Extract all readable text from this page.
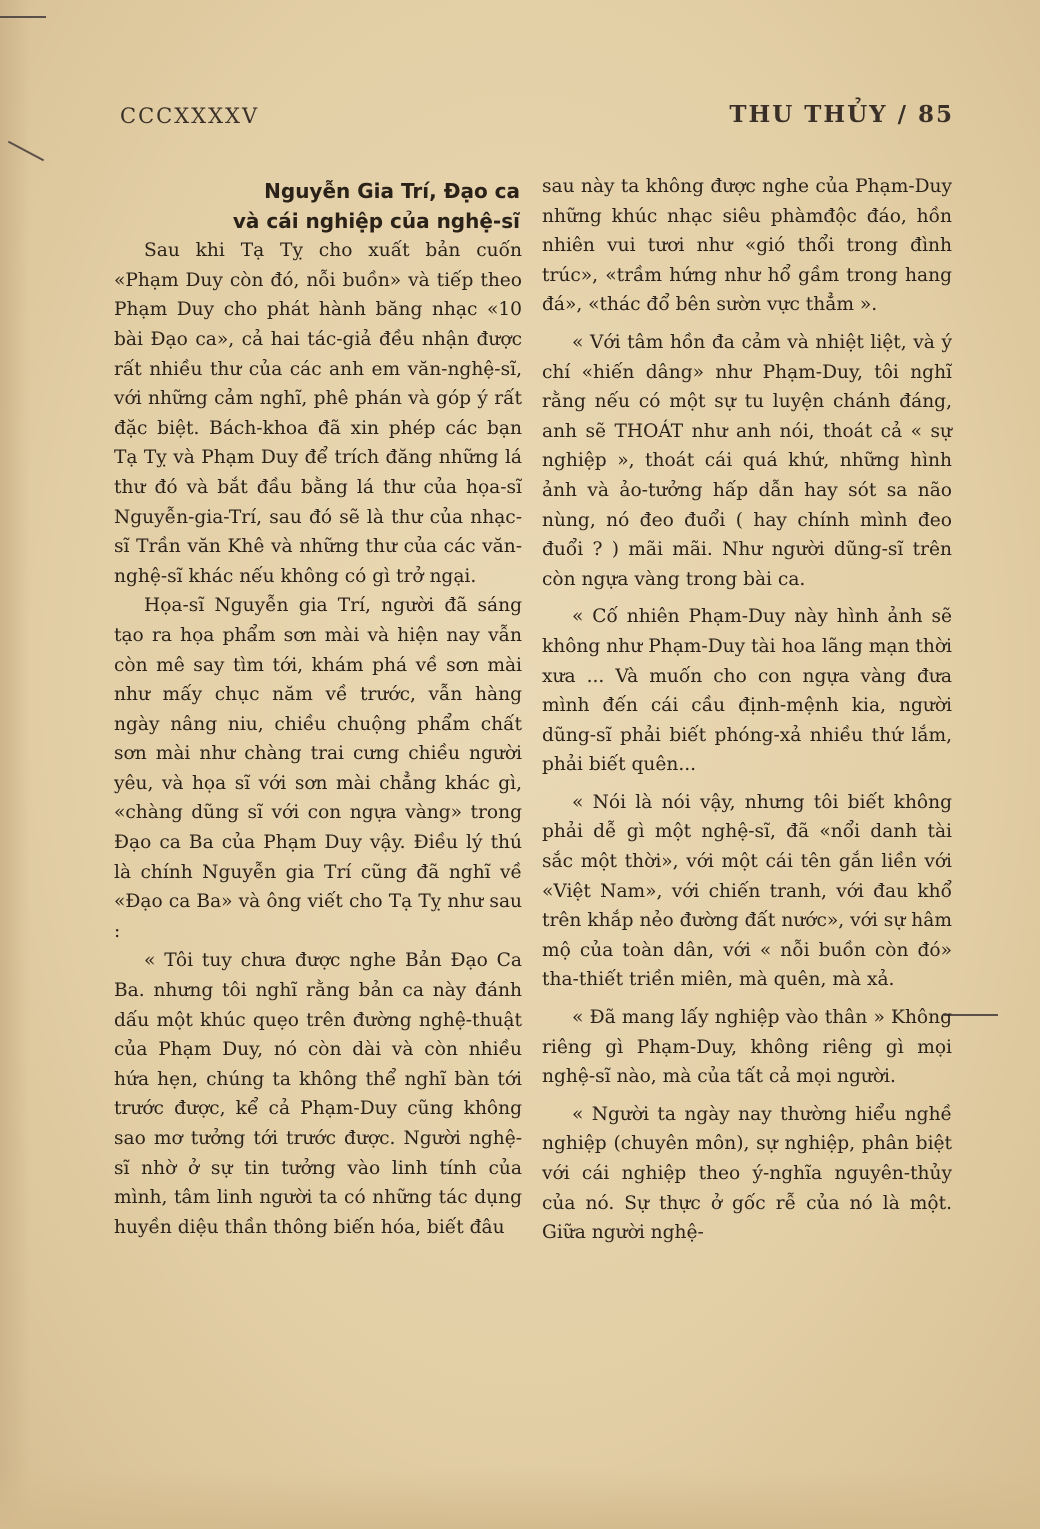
CCCXXXXV	THU THỦY / 85
Nguyễn Gia Trí, Đạo ca
và cái nghiệp của nghệ-sĩ

Sau khi Tạ Tỵ cho xuất bản cuốn «Phạm Duy còn đó, nỗi buồn» và tiếp theo Phạm Duy cho phát hành băng nhạc «10 bài Đạo ca», cả hai tác-giả đều nhận được rất nhiều thư của các anh em văn-nghệ-sĩ, với những cảm nghĩ, phê phán và góp ý rất đặc biệt. Bách-khoa đã xin phép các bạn Tạ Tỵ và Phạm Duy để trích đăng những lá thư đó và bắt đầu bằng lá thư của họa-sĩ Nguyễn-gia-Trí, sau đó sẽ là thư của nhạc-sĩ Trần văn Khê và những thư của các văn-nghệ-sĩ khác nếu không có gì trở ngại.

Họa-sĩ Nguyễn gia Trí, người đã sáng tạo ra họa phẩm sơn mài và hiện nay vẫn còn mê say tìm tới, khám phá về sơn mài như mấy chục năm về trước, vẫn hàng ngày nâng niu, chiều chuộng phẩm chất sơn mài như chàng trai cưng chiều người yêu, và họa sĩ với sơn mài chẳng khác gì, «chàng dũng sĩ với con ngựa vàng» trong Đạo ca Ba của Phạm Duy vậy. Điều lý thú là chính Nguyễn gia Trí cũng đã nghĩ về «Đạo ca Ba» và ông viết cho Tạ Tỵ như sau :

« Tôi tuy chưa được nghe Bản Đạo Ca Ba. nhưng tôi nghĩ rằng bản ca này đánh dấu một khúc quẹo trên đường nghệ-thuật của Phạm Duy, nó còn dài và còn nhiều hứa hẹn, chúng ta không thể nghĩ bàn tới trước được, kể cả Phạm-Duy cũng không sao mơ tưởng tới trước được. Người nghệ-sĩ nhờ ở sự tin tưởng vào linh tính của mình, tâm linh người ta có những tác dụng huyền diệu thần thông biến hóa, biết đâu

sau này ta không được nghe của Phạm-Duy những khúc nhạc siêu phàmđộc đáo, hồn nhiên vui tươi như «gió thổi trong đình trúc», «trầm hứng như hổ gầm trong hang đá», «thác đổ bên sườn vực thẳm ».

« Với tâm hồn đa cảm và nhiệt liệt, và ý chí «hiến dâng» như Phạm-Duy, tôi nghĩ rằng nếu có một sự tu luyện chánh đáng, anh sẽ THOÁT như anh nói, thoát cả « sự nghiệp », thoát cái quá khứ, những hình ảnh và ảo-tưởng hấp dẫn hay sót sa não nùng, nó đeo đuổi ( hay chính mình đeo đuổi ? ) mãi mãi. Như người dũng-sĩ trên còn ngựa vàng trong bài ca.

« Cố nhiên Phạm-Duy này hình ảnh sẽ không như Phạm-Duy tài hoa lãng mạn thời xưa ... Và muốn cho con ngựa vàng đưa mình đến cái cầu định-mệnh kia, người dũng-sĩ phải biết phóng-xả nhiều thứ lắm, phải biết quên...

« Nói là nói vậy, nhưng tôi biết không phải dễ gì một nghệ-sĩ, đã «nổi danh tài sắc một thời», với một cái tên gắn liền với «Việt Nam», với chiến tranh, với đau khổ trên khắp nẻo đường đất nước», với sự hâm mộ của toàn dân, với « nỗi buồn còn đó» tha-thiết triền miên, mà quên, mà xả.

« Đã mang lấy nghiệp vào thân » Không riêng gì Phạm-Duy, không riêng gì mọi nghệ-sĩ nào, mà của tất cả mọi người.

« Người ta ngày nay thường hiểu nghề nghiệp (chuyên môn), sự nghiệp, phân biệt với cái nghiệp theo ý-nghĩa nguyên-thủy của nó. Sự thực ở gốc rễ của nó là một. Giữa người nghệ-
